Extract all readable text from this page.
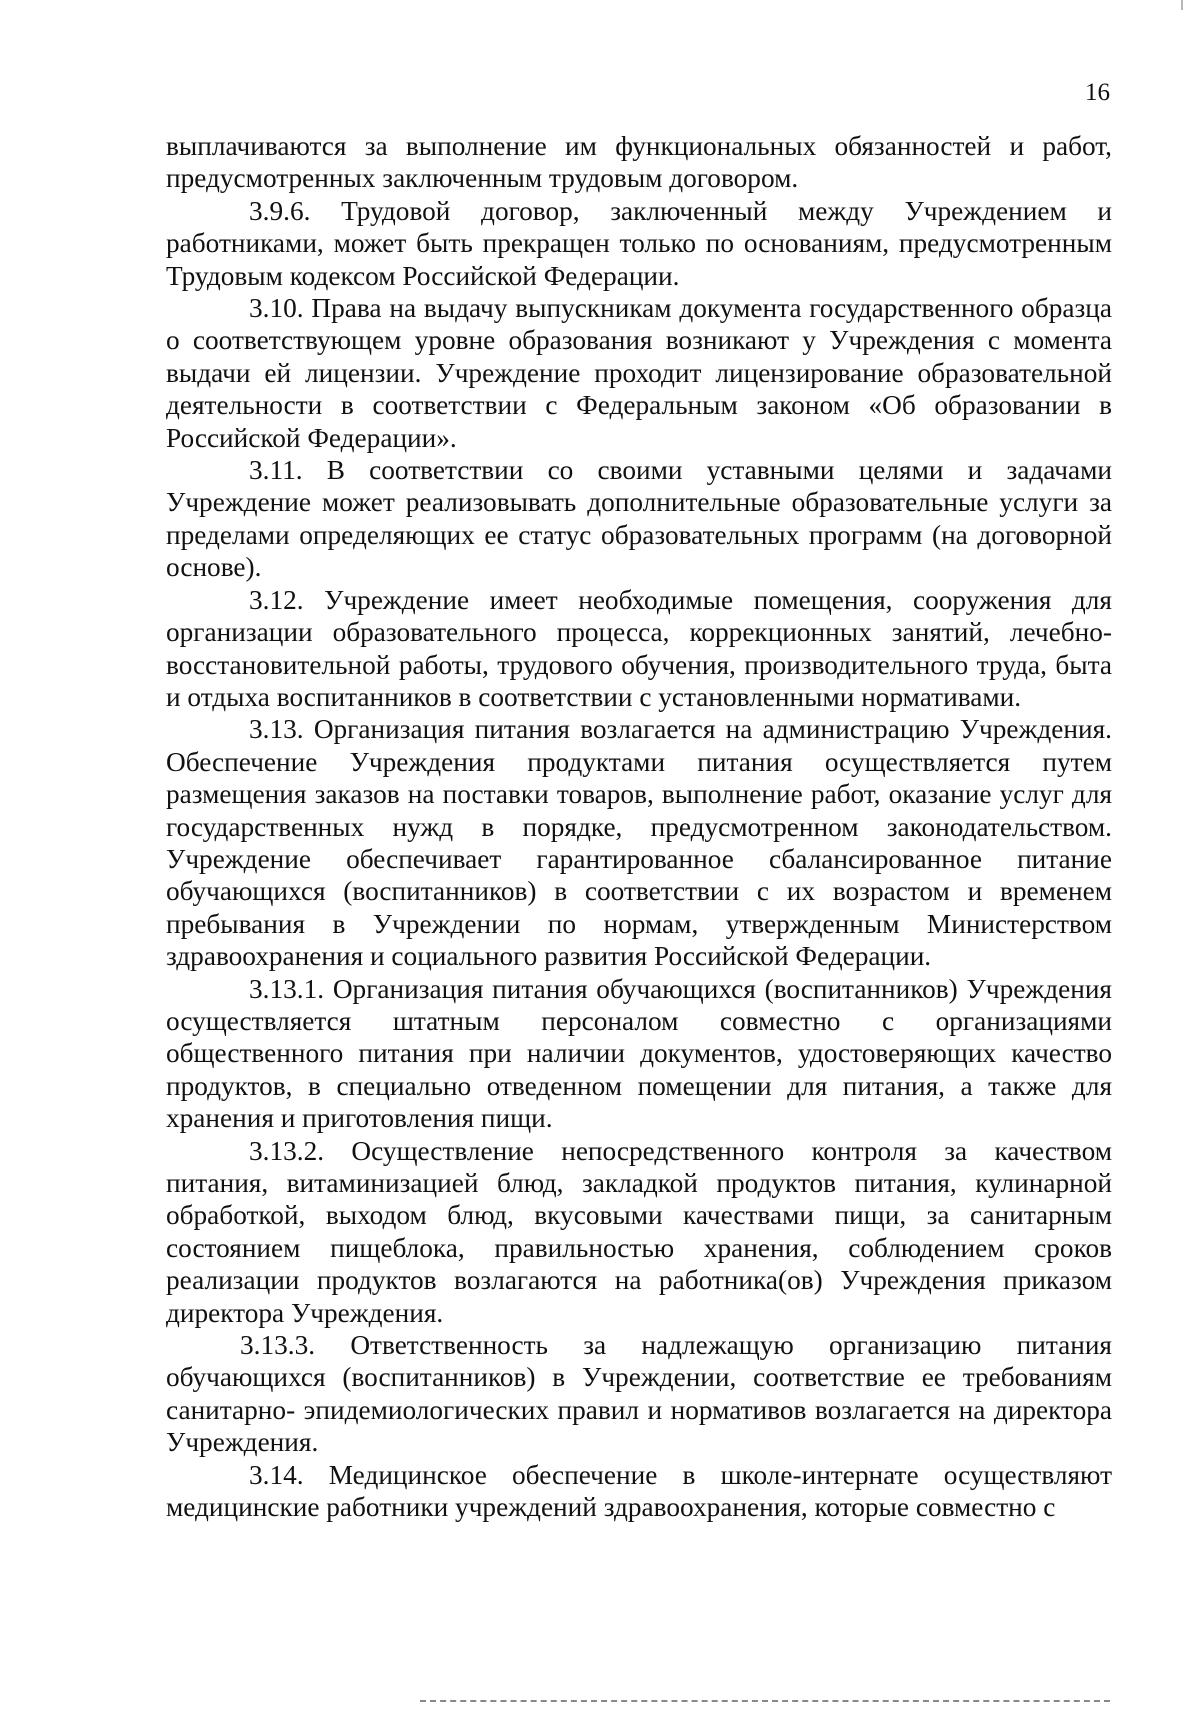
16

выплачиваются за выполнение им функциональных обязанностей и работ, предусмотренных заключенным трудовым договором.

3.9.6. Трудовой договор, заключенный между Учреждением и работниками, может быть прекращен только по основаниям, предусмотренным Трудовым кодексом Российской Федерации.

3.10. Права на выдачу выпускникам документа государственного образца о соответствующем уровне образования возникают у Учреждения с момента выдачи ей лицензии. Учреждение проходит лицензирование образовательной деятельности в соответствии с Федеральным законом «Об образовании в Российской Федерации».

3.11. В соответствии со своими уставными целями и задачами Учреждение может реализовывать дополнительные образовательные услуги за пределами определяющих ее статус образовательных программ (на договорной основе).

3.12. Учреждение имеет необходимые помещения, сооружения для организации образовательного процесса, коррекционных занятий, лечебно-восстановительной работы, трудового обучения, производительного труда, быта и отдыха воспитанников в соответствии с установленными нормативами.

3.13. Организация питания возлагается на администрацию Учреждения. Обеспечение Учреждения продуктами питания осуществляется путем размещения заказов на поставки товаров, выполнение работ, оказание услуг для государственных нужд в порядке, предусмотренном законодательством. Учреждение обеспечивает гарантированное сбалансированное питание обучающихся (воспитанников) в соответствии с их возрастом и временем пребывания в Учреждении по нормам, утвержденным Министерством здравоохранения и социального развития Российской Федерации.

3.13.1. Организация питания обучающихся (воспитанников) Учреждения осуществляется штатным персоналом совместно с организациями общественного питания при наличии документов, удостоверяющих качество продуктов, в специально отведенном помещении для питания, а также для хранения и приготовления пищи.

3.13.2. Осуществление непосредственного контроля за качеством питания, витаминизацией блюд, закладкой продуктов питания, кулинарной обработкой, выходом блюд, вкусовыми качествами пищи, за санитарным состоянием пищеблока, правильностью хранения, соблюдением сроков реализации продуктов возлагаются на работника(ов) Учреждения приказом директора Учреждения.

3.13.3. Ответственность за надлежащую организацию питания обучающихся (воспитанников) в Учреждении, соответствие ее требованиям санитарно- эпидемиологических правил и нормативов возлагается на директора Учреждения.

3.14. Медицинское обеспечение в школе-интернате осуществляют медицинские работники учреждений здравоохранения, которые совместно с
